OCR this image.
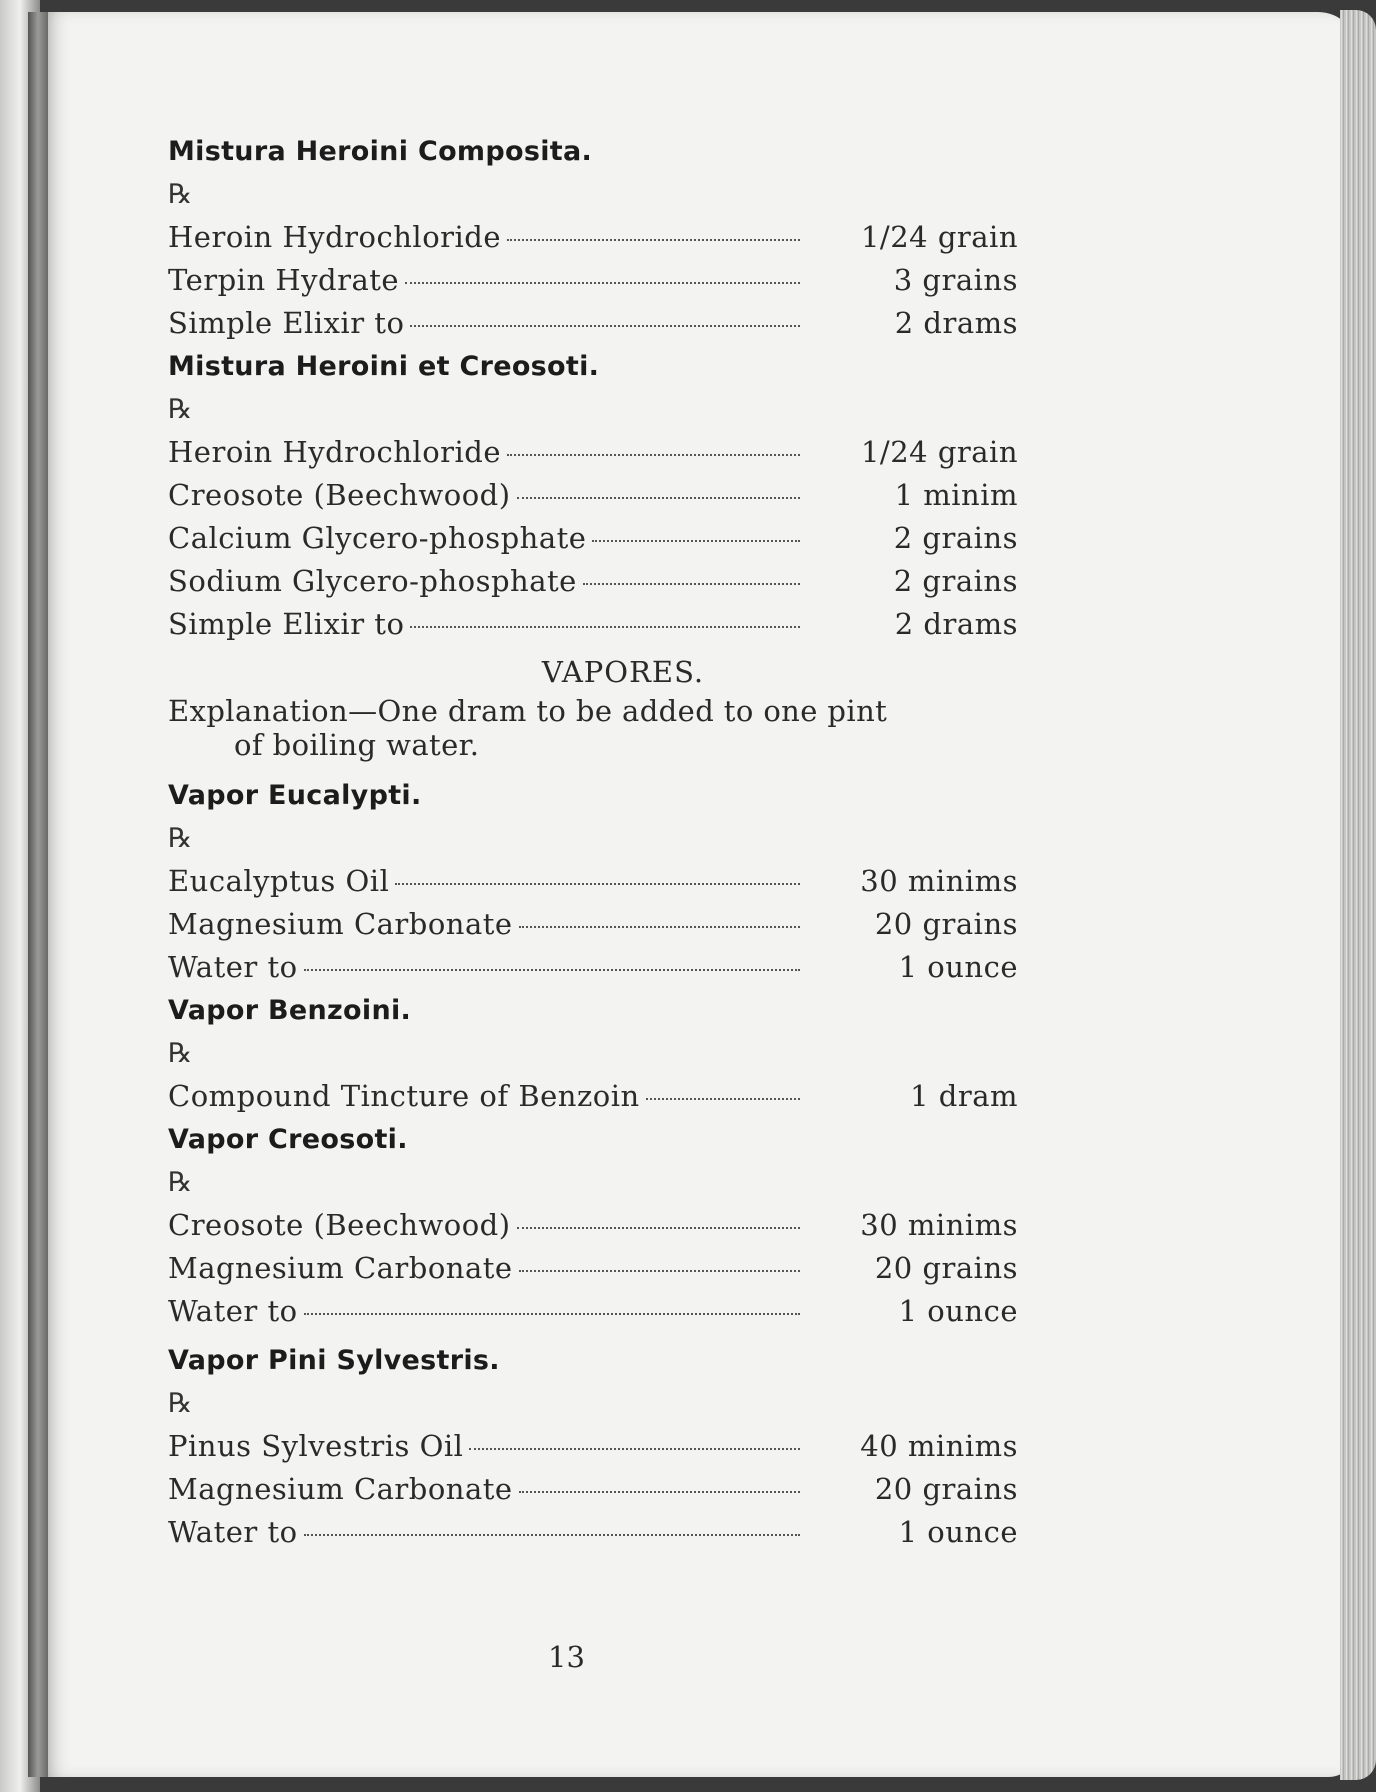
Mistura Heroini Composita.
℞
Heroin Hydrochloride	1/24 grain
Terpin Hydrate	3 grains
Simple Elixir to	2 drams
Mistura Heroini et Creosoti.
℞
Heroin Hydrochloride	1/24 grain
Creosote (Beechwood)	1 minim
Calcium Glycero-phosphate	2 grains
Sodium Glycero-phosphate	2 grains
Simple Elixir to	2 drams
VAPORES.
Explanation—One dram to be added to one pint
of boiling water.
Vapor Eucalypti.
℞
Eucalyptus Oil	30 minims
Magnesium Carbonate	20 grains
Water to	1 ounce
Vapor Benzoini.
℞
Compound Tincture of Benzoin	1 dram
Vapor Creosoti.
℞
Creosote (Beechwood)	30 minims
Magnesium Carbonate	20 grains
Water to	1 ounce
Vapor Pini Sylvestris.
℞
Pinus Sylvestris Oil	40 minims
Magnesium Carbonate	20 grains
Water to	1 ounce
13
